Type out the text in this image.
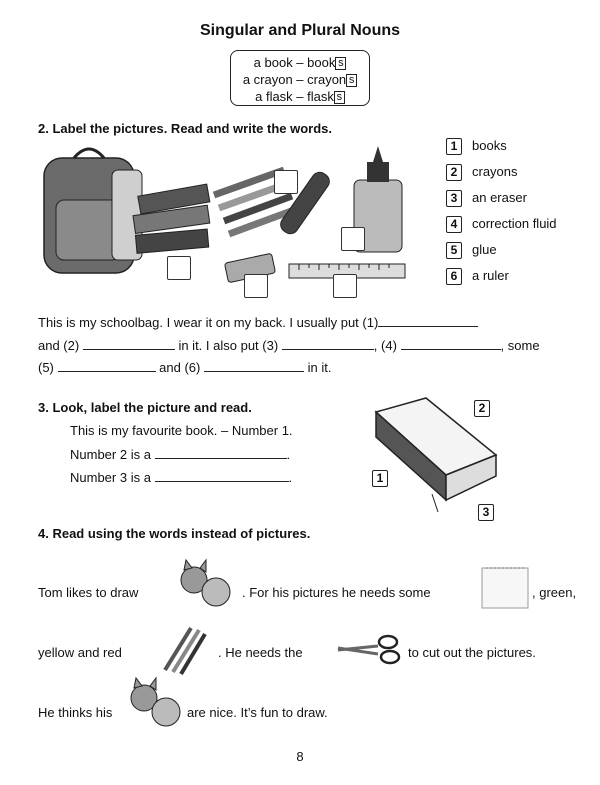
Singular and Plural Nouns
a book – book s
a crayon – crayon s
a flask – flask s
2. Label the pictures. Read and write the words.
1 books
2 crayons
3 an eraser
4 correction fluid
5 glue
6 a ruler
This is my schoolbag. I wear it on my back. I usually put (1)
and (2)	in it. I also put (3)	, (4)	, some
(5)	and (6)	in it.
3. Look, label the picture and read.
This is my favourite book. – Number 1.
Number 2 is a	.
Number 3 is a	.
2
1
3
4. Read using the words instead of pictures.
Tom likes to draw	. For his pictures he needs some	, green,
yellow and red	. He needs the	to cut out the pictures.
He thinks his	are nice. It’s fun to draw.
8
